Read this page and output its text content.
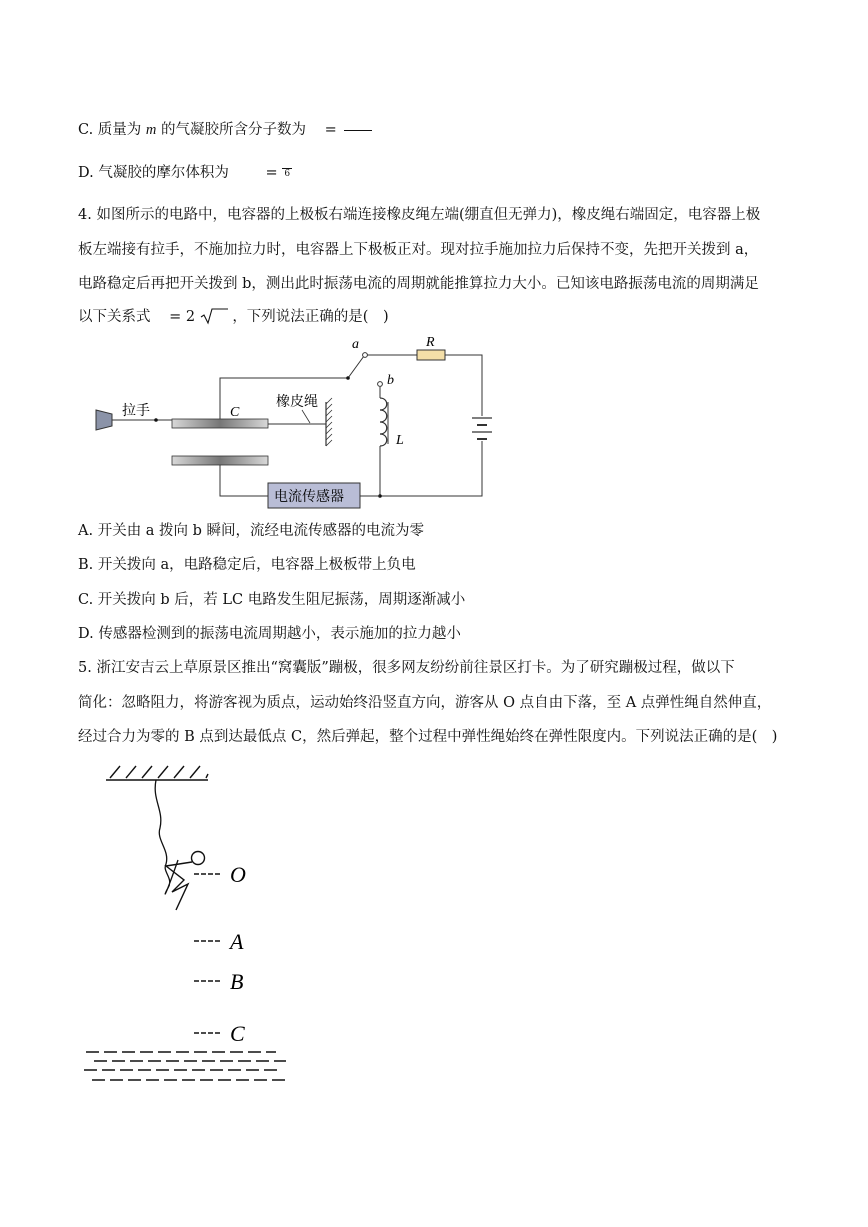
C. 质量为 m 的气凝胶所含分子数为 =
D. 气凝胶的摩尔体积为	= 6
4. 如图所示的电路中，电容器的上极板右端连接橡皮绳左端(绷直但无弹力)，橡皮绳右端固定，电容器上极
板左端接有拉手，不施加拉力时，电容器上下极板正对。现对拉手施加拉力后保持不变，先把开关拨到 a，
电路稳定后再把开关拨到 b，测出此时振荡电流的周期就能推算拉力大小。已知该电路振荡电流的周期满足
以下关系式 = 2	，下列说法正确的是(　)
拉手	C
橡皮绳
a
b
R
L
电流传感器
A. 开关由 a 拨向 b 瞬间，流经电流传感器的电流为零
B. 开关拨向 a，电路稳定后，电容器上极板带上负电
C. 开关拨向 b 后，若 LC 电路发生阻尼振荡，周期逐渐减小
D. 传感器检测到的振荡电流周期越小，表示施加的拉力越小
5. 浙江安吉云上草原景区推出“窝囊版”蹦极，很多网友纷纷前往景区打卡。为了研究蹦极过程，做以下
简化：忽略阻力，将游客视为质点，运动始终沿竖直方向，游客从 O 点自由下落，至 A 点弹性绳自然伸直，
经过合力为零的 B 点到达最低点 C，然后弹起，整个过程中弹性绳始终在弹性限度内。下列说法正确的是(　)
O
A
B
C
